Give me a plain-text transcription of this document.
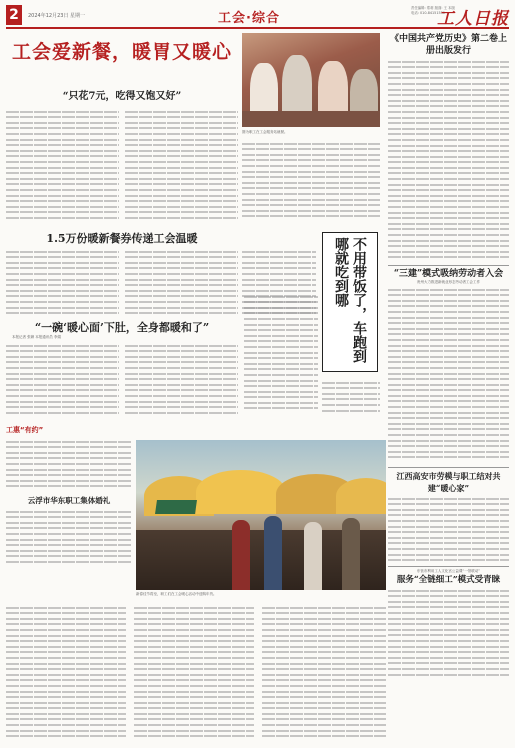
2	2024年12月23日 星期一	工会·综合
责任编辑: 郑莉 版面: 王 本版电话: 010-84151530
工人日报
工会爱新餐，暖胃又暖心
“只花7元，吃得又饱又好”
图为职工在工会服务站就餐。
1.5万份暖新餐券传递工会温暖
“一碗‘暖心面’下肚，全身都暖和了”
本报记者 张翀 本报通讯员 李娟	不用带饭了，车跑到哪就吃到哪
《中国共产党历史》第二卷上册出版发行
“三建”模式吸纳劳动者入会
贵州大力推进新就业形态劳动者工会工作
江西高安市劳模与职工结对共建“暖心家”
东营市利用工人文化宫公益课“一馆联动”
服务“全链细工”模式受青睐
工惠“有约”
云浮市华东职工集体婚礼
新春佳节将至，职工们在工会暖心活动中选购年货。
